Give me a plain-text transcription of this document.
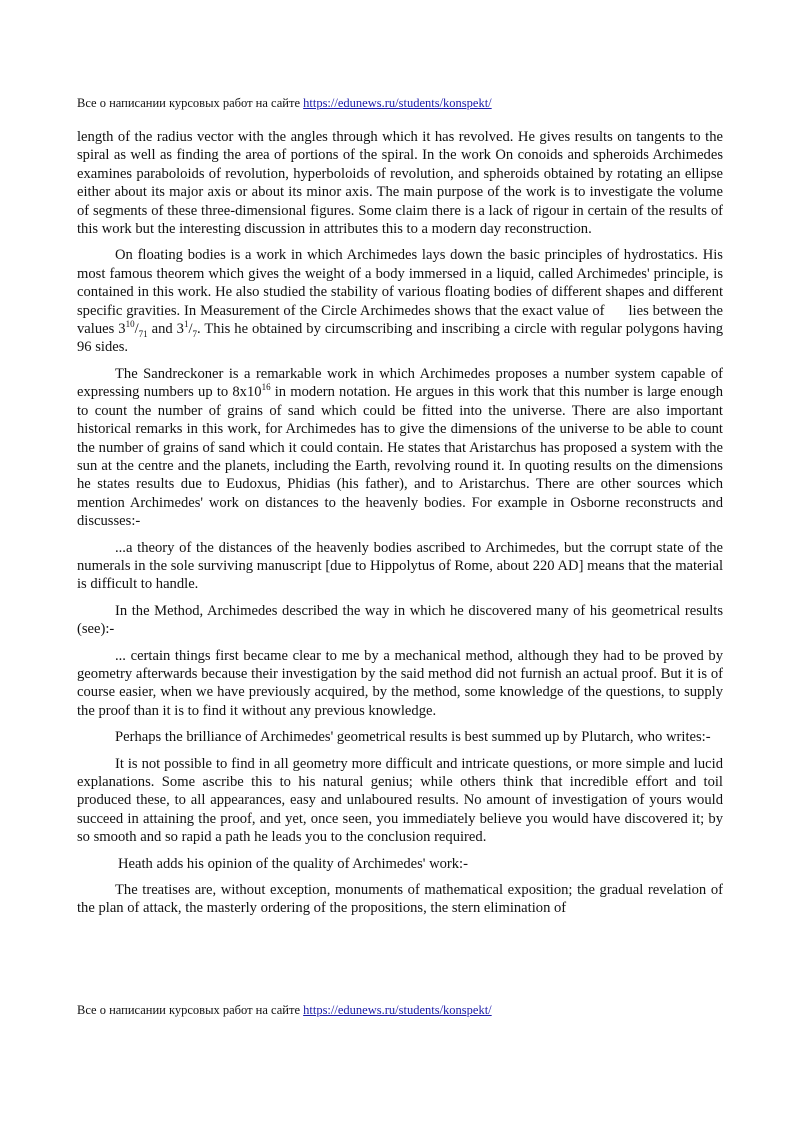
Все о написании курсовых работ на сайте https://edunews.ru/students/konspekt/

length of the radius vector with the angles through which it has revolved. He gives results on tangents to the spiral as well as finding the area of portions of the spiral. In the work On conoids and spheroids Archimedes examines paraboloids of revolution, hyperboloids of revolution, and spheroids obtained by rotating an ellipse either about its major axis or about its minor axis. The main purpose of the work is to investigate the volume of segments of these three-dimensional figures. Some claim there is a lack of rigour in certain of the results of this work but the interesting discussion in attributes this to a modern day reconstruction.

On floating bodies is a work in which Archimedes lays down the basic principles of hydrostatics. His most famous theorem which gives the weight of a body immersed in a liquid, called Archimedes' principle, is contained in this work. He also studied the stability of various floating bodies of different shapes and different specific gravities. In Measurement of the Circle Archimedes shows that the exact value of lies between the values $3^{10}/_{71}$ and $3^1/_7$. This he obtained by circumscribing and inscribing a circle with regular polygons having 96 sides.

The Sandreckoner is a remarkable work in which Archimedes proposes a number system capable of expressing numbers up to $8x10^{16}$ in modern notation. He argues in this work that this number is large enough to count the number of grains of sand which could be fitted into the universe. There are also important historical remarks in this work, for Archimedes has to give the dimensions of the universe to be able to count the number of grains of sand which it could contain. He states that Aristarchus has proposed a system with the sun at the centre and the planets, including the Earth, revolving round it. In quoting results on the dimensions he states results due to Eudoxus, Phidias (his father), and to Aristarchus. There are other sources which mention Archimedes' work on distances to the heavenly bodies. For example in Osborne reconstructs and discusses:-

...a theory of the distances of the heavenly bodies ascribed to Archimedes, but the corrupt state of the numerals in the sole surviving manuscript [due to Hippolytus of Rome, about 220 AD] means that the material is difficult to handle.

In the Method, Archimedes described the way in which he discovered many of his geometrical results (see):-

... certain things first became clear to me by a mechanical method, although they had to be proved by geometry afterwards because their investigation by the said method did not furnish an actual proof. But it is of course easier, when we have previously acquired, by the method, some knowledge of the questions, to supply the proof than it is to find it without any previous knowledge.

Perhaps the brilliance of Archimedes' geometrical results is best summed up by Plutarch, who writes:-

It is not possible to find in all geometry more difficult and intricate questions, or more simple and lucid explanations. Some ascribe this to his natural genius; while others think that incredible effort and toil produced these, to all appearances, easy and unlaboured results. No amount of investigation of yours would succeed in attaining the proof, and yet, once seen, you immediately believe you would have discovered it; by so smooth and so rapid a path he leads you to the conclusion required.

Heath adds his opinion of the quality of Archimedes' work:-

The treatises are, without exception, monuments of mathematical exposition; the gradual revelation of the plan of attack, the masterly ordering of the propositions, the stern elimination of

Все о написании курсовых работ на сайте https://edunews.ru/students/konspekt/
